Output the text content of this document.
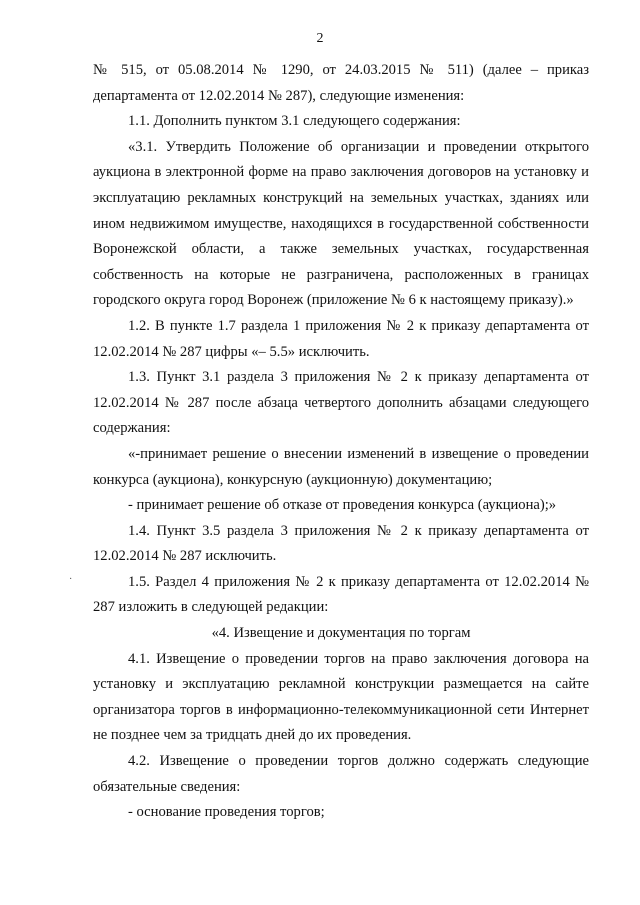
2

№ 515, от 05.08.2014 № 1290, от 24.03.2015 № 511) (далее – приказ департамента от 12.02.2014 № 287), следующие изменения:

1.1. Дополнить пунктом 3.1 следующего содержания:

«3.1. Утвердить Положение об организации и проведении открытого аукциона в электронной форме на право заключения договоров на установку и эксплуатацию рекламных конструкций на земельных участках, зданиях или ином недвижимом имуществе, находящихся в государственной собственности Воронежской области, а также земельных участках, государственная собственность на которые не разграничена, расположенных в границах городского округа город Воронеж (приложение № 6 к настоящему приказу).»

1.2. В пункте 1.7 раздела 1 приложения № 2 к приказу департамента от 12.02.2014 № 287 цифры «– 5.5» исключить.

1.3. Пункт 3.1 раздела 3 приложения № 2 к приказу департамента от 12.02.2014 № 287 после абзаца четвертого дополнить абзацами следующего содержания:

«-принимает решение о внесении изменений в извещение о проведении конкурса (аукциона), конкурсную (аукционную) документацию;

- принимает решение об отказе от проведения конкурса (аукциона);»

1.4. Пункт 3.5 раздела 3 приложения № 2 к приказу департамента от 12.02.2014 № 287 исключить.

1.5. Раздел 4 приложения № 2 к приказу департамента от 12.02.2014 № 287 изложить в следующей редакции:

«4. Извещение и документация по торгам

4.1. Извещение о проведении торгов на право заключения договора на установку и эксплуатацию рекламной конструкции размещается на сайте организатора торгов в информационно-телекоммуникационной сети Интернет не позднее чем за тридцать дней до их проведения.

4.2. Извещение о проведении торгов должно содержать следующие обязательные сведения:

- основание проведения торгов;

·
